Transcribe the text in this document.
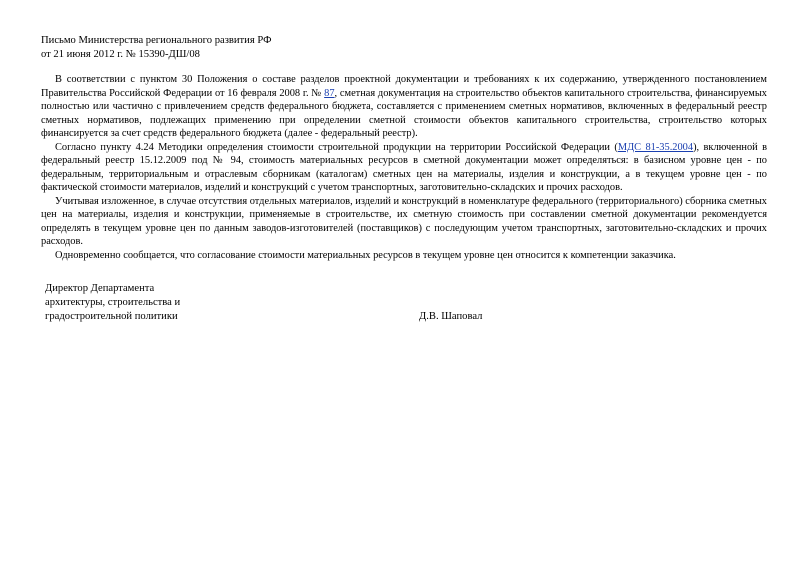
Письмо Министерства регионального развития РФ
от 21 июня 2012 г. № 15390-ДШ/08

В соответствии с пунктом 30 Положения о составе разделов проектной документации и требованиях к их содержанию, утвержденного постановлением Правительства Российской Федерации от 16 февраля 2008 г. № 87, сметная документация на строительство объектов капитального строительства, финансируемых полностью или частично с привлечением средств федерального бюджета, составляется с применением сметных нормативов, включенных в федеральный реестр сметных нормативов, подлежащих применению при определении сметной стоимости объектов капитального строительства, строительство которых финансируется за счет средств федерального бюджета (далее - федеральный реестр).

Согласно пункту 4.24 Методики определения стоимости строительной продукции на территории Российской Федерации (МДС 81-35.2004), включенной в федеральный реестр 15.12.2009 под № 94, стоимость материальных ресурсов в сметной документации может определяться: в базисном уровне цен - по федеральным, территориальным и отраслевым сборникам (каталогам) сметных цен на материалы, изделия и конструкции, а в текущем уровне цен - по фактической стоимости материалов, изделий и конструкций с учетом транспортных, заготовительно-складских и прочих расходов.

Учитывая изложенное, в случае отсутствия отдельных материалов, изделий и конструкций в номенклатуре федерального (территориального) сборника сметных цен на материалы, изделия и конструкции, применяемые в строительстве, их сметную стоимость при составлении сметной документации рекомендуется определять в текущем уровне цен по данным заводов-изготовителей (поставщиков) с последующим учетом транспортных, заготовительно-складских и прочих расходов.

Одновременно сообщается, что согласование стоимости материальных ресурсов в текущем уровне цен относится к компетенции заказчика.

Директор Департамента
архитектуры, строительства и
градостроительной политики	Д.В. Шаповал
